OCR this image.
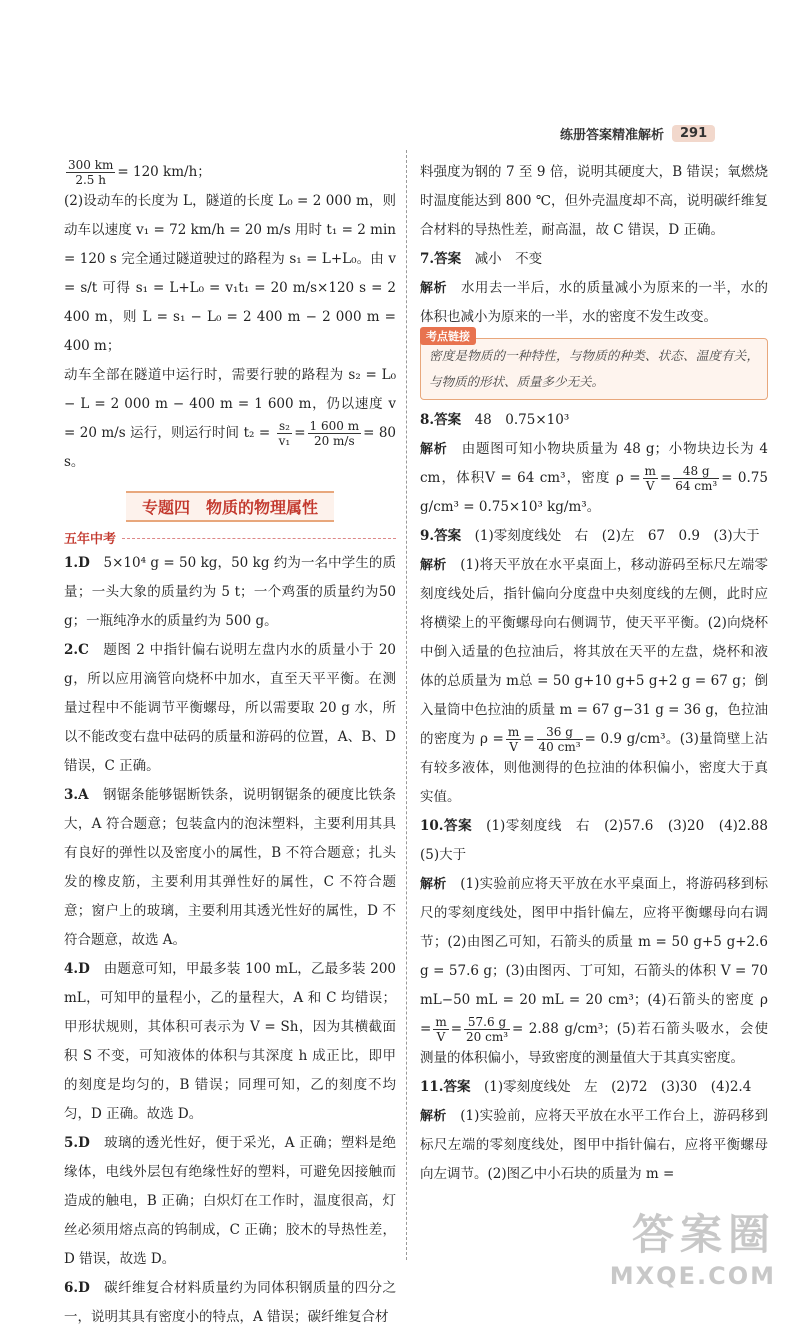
练册答案精准解析	291

$\frac{300 km}{2.5 h} = 120$ km/h；

(2)设动车的长度为 L，隧道的长度 L₀ = 2 000 m，则动车以速度 v₁ = 72 km/h = 20 m/s 用时 t₁ = 2 min = 120 s 完全通过隧道驶过的路程为 s₁ = L+L₀。由 v = s/t 可得 s₁ = L+L₀ = v₁t₁ = 20 m/s×120 s = 2 400 m，则 L = s₁ − L₀ = 2 400 m − 2 000 m = 400 m；

动车全部在隧道中运行时，需要行驶的路程为 s₂ = L₀ − L = 2 000 m − 400 m = 1 600 m，仍以速度 v = 20 m/s 运行，则运行时间 $t_2 = \frac{\text{s₂}}{\text{v₁}} = \frac{1 600 m}{20 m/s} = 80$ s。

专题四　物质的物理属性
五年中考

1.D　 5×10⁴ g = 50 kg，50 kg 约为一名中学生的质量；一头大象的质量约为 5 t；一个鸡蛋的质量约为50 g；一瓶纯净水的质量约为 500 g。

2.C　 题图 2 中指针偏右说明左盘内水的质量小于 20 g，所以应用滴管向烧杯中加水，直至天平平衡。在测量过程中不能调节平衡螺母，所以需要取 20 g 水，所以不能改变右盘中砝码的质量和游码的位置，A、B、D 错误，C 正确。

3.A　 钢锯条能够锯断铁条，说明钢锯条的硬度比铁条大，A 符合题意；包装盒内的泡沫塑料，主要利用其具有良好的弹性以及密度小的属性，B 不符合题意；扎头发的橡皮筋，主要利用其弹性好的属性，C 不符合题意；窗户上的玻璃，主要利用其透光性好的属性，D 不符合题意，故选 A。

4.D　 由题意可知，甲最多装 100 mL，乙最多装 200 mL，可知甲的量程小，乙的量程大，A 和 C 均错误；甲形状规则，其体积可表示为 V = Sh，因为其横截面积 S 不变，可知液体的体积与其深度 h 成正比，即甲的刻度是均匀的，B 错误；同理可知，乙的刻度不均匀，D 正确。故选 D。

5.D　 玻璃的透光性好，便于采光，A 正确；塑料是绝缘体，电线外层包有绝缘性好的塑料，可避免因接触而造成的触电，B 正确；白炽灯在工作时，温度很高，灯丝必须用熔点高的钨制成，C 正确；胶木的导热性差，D 错误，故选 D。

6.D　 碳纤维复合材料质量约为同体积钢质量的四分之一，说明其具有密度小的特点，A 错误；碳纤维复合材

料强度为钢的 7 至 9 倍，说明其硬度大，B 错误；氧燃烧时温度能达到 800 ℃，但外壳温度却不高，说明碳纤维复合材料的导热性差，耐高温，故 C 错误，D 正确。

7.答案　 减小　不变

解析　 水用去一半后，水的质量减小为原来的一半，水的体积也减小为原来的一半，水的密度不发生改变。

考点链接

密度是物质的一种特性，与物质的种类、状态、温度有关，与物质的形状、质量多少无关。

8.答案　 48　0.75×10³

解析　 由题图可知小物块质量为 48 g；小物块边长为 4 cm，体积V = 64 cm³，密度 $\rho = \frac{m}{V} = \frac{48 g}{\text{64 cm³}} = 0.75$ g/cm³ = 0.75×10³ kg/m³。

9.答案　 (1)零刻度线处　右　(2)左　67　0.9　(3)大于

解析　 (1)将天平放在水平桌面上，移动游码至标尺左端零刻度线处后，指针偏向分度盘中央刻度线的左侧，此时应将横梁上的平衡螺母向右侧调节，使天平平衡。(2)向烧杯中倒入适量的色拉油后，将其放在天平的左盘，烧杯和液体的总质量为 m总 = 50 g+10 g+5 g+2 g = 67 g；倒入量筒中色拉油的质量 m = 67 g−31 g = 36 g，色拉油的密度为 $\rho = \frac{m}{V} = \frac{36 g}{\text{40 cm³}} = 0.9$ g/cm³。(3)量筒壁上沾有较多液体，则他测得的色拉油的体积偏小，密度大于真实值。

10.答案　 (1)零刻度线　右　(2)57.6　(3)20　(4)2.88　(5)大于

解析　 (1)实验前应将天平放在水平桌面上，将游码移到标尺的零刻度线处，图甲中指针偏左，应将平衡螺母向右调节；(2)由图乙可知，石箭头的质量 m = 50 g+5 g+2.6 g = 57.6 g；(3)由图丙、丁可知，石箭头的体积 V = 70 mL−50 mL = 20 mL = 20 cm³；(4)石箭头的密度 $\rho = \frac{m}{V} = \frac{57.6 g}{\text{20 cm³}} = 2.88$ g/cm³；(5)若石箭头吸水，会使测量的体积偏小，导致密度的测量值大于其真实密度。

11.答案　 (1)零刻度线处　左　(2)72　(3)30　(4)2.4

解析　 (1)实验前，应将天平放在水平工作台上，游码移到标尺左端的零刻度线处，图甲中指针偏右，应将平衡螺母向左调节。(2)图乙中小石块的质量为 m =

答案圈
MXQE.COM
